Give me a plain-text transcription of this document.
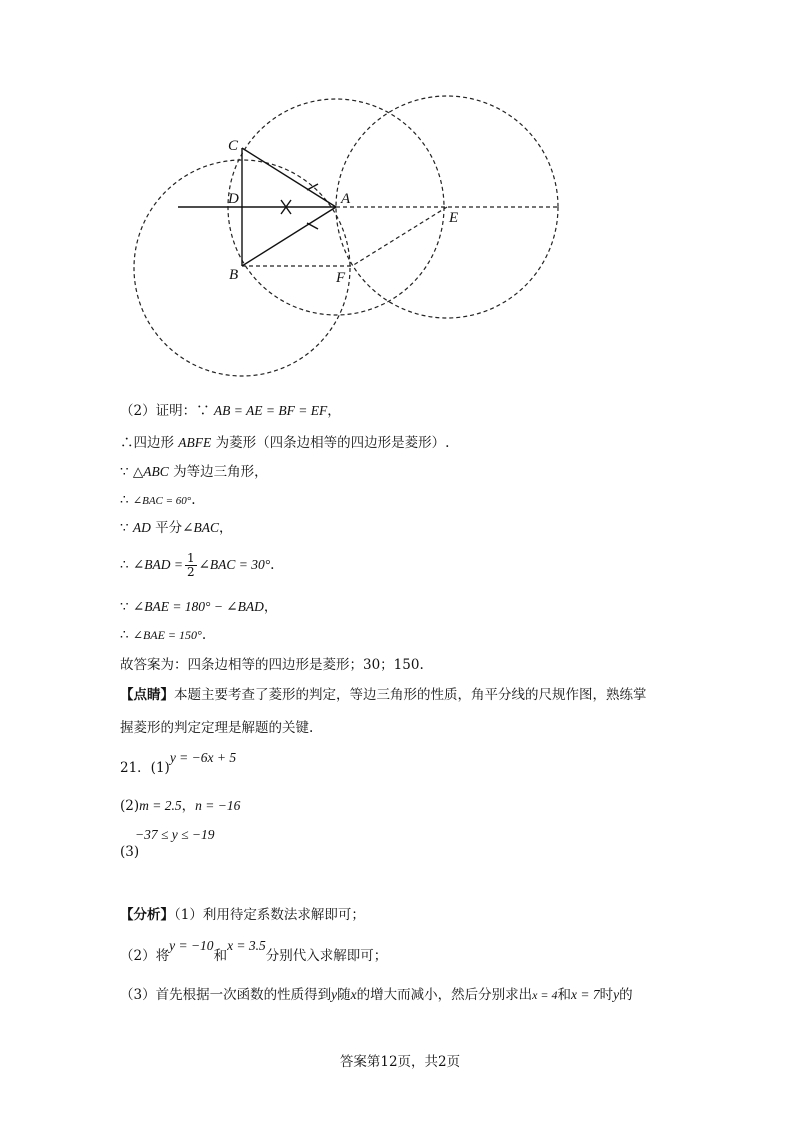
C
D	A
E
B	F
（2）证明：∵ AB = AE = BF = EF，
∴四边形 ABFE 为菱形（四条边相等的四边形是菱形）.
∵ △ABC 为等边三角形，
∴ ∠BAC = 60°.
∵ AD 平分∠BAC，
∴ ∠BAD = $\frac{1}{2}$ ∠BAC = 30°.
∵ ∠BAE = 180° − ∠BAD，
∴ ∠BAE = 150°.
故答案为：四条边相等的四边形是菱形；30；150.
【点睛】本题主要考查了菱形的判定，等边三角形的性质，角平分线的尺规作图，熟练掌
握菱形的判定定理是解题的关键.
21．(1)y = −6x + 5
(2)m = 2.5，n = −16
−37 ≤ y ≤ −19
(3)
【分析】（1）利用待定系数法求解即可；
（2）将y = −10和x = 3.5分别代入求解即可；
（3）首先根据一次函数的性质得到y随x的增大而减小，然后分别求出x = 4和x = 7时y的
答案第12页，共2页
